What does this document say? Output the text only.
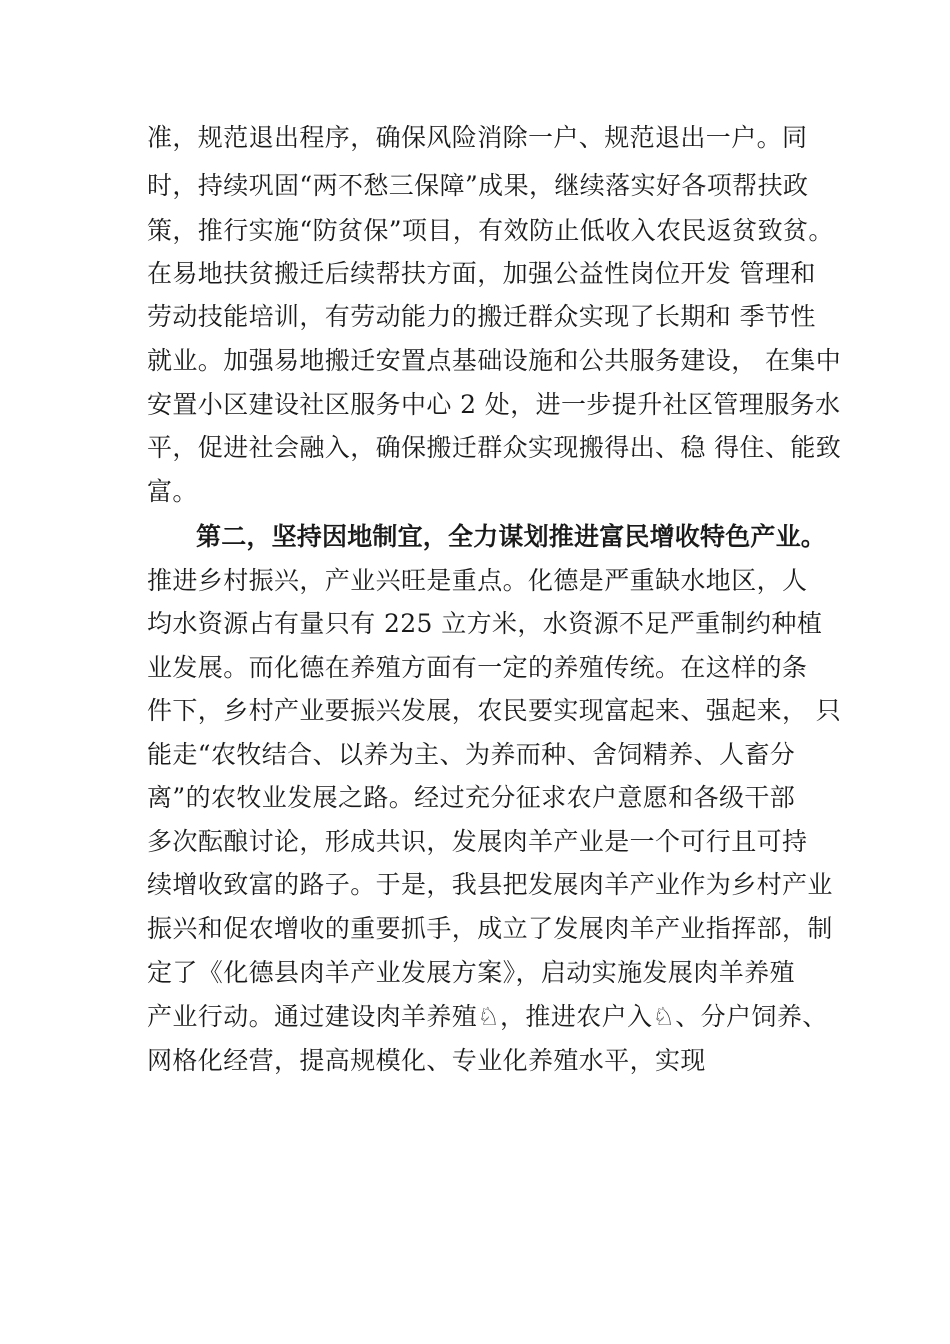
准，规范退出程序，确保风险消除一户、规范退出一户。同
时，持续巩固“两不愁三保障”成果，继续落实好各项帮扶政
策，推行实施“防贫保”项目，有效防止低收入农民返贫致贫。
在易地扶贫搬迁后续帮扶方面，加强公益性岗位开发 管理和
劳动技能培训，有劳动能力的搬迁群众实现了长期和 季节性
就业。加强易地搬迁安置点基础设施和公共服务建设， 在集中
安置小区建设社区服务中心 2 处，进一步提升社区管理服务水
平，促进社会融入，确保搬迁群众实现搬得出、稳 得住、能致
富。
第二，坚持因地制宜，全力谋划推进富民增收特色产业。
推进乡村振兴，产业兴旺是重点。化德是严重缺水地区，人
均水资源占有量只有 225 立方米，水资源不足严重制约种植
业发展。而化德在养殖方面有一定的养殖传统。在这样的条
件下，乡村产业要振兴发展，农民要实现富起来、强起来， 只
能走“农牧结合、以养为主、为养而种、舍饲精养、人畜分
离”的农牧业发展之路。经过充分征求农户意愿和各级干部
多次酝酿讨论，形成共识，发展肉羊产业是一个可行且可持
续增收致富的路子。于是，我县把发展肉羊产业作为乡村产业
振兴和促农增收的重要抓手，成立了发展肉羊产业指挥部，制
定了《化德县肉羊产业发展方案》，启动实施发展肉羊养殖
产业行动。通过建设肉羊养殖♘，推进农户入♘、分户饲养、
网格化经营，提高规模化、专业化养殖水平，实现
